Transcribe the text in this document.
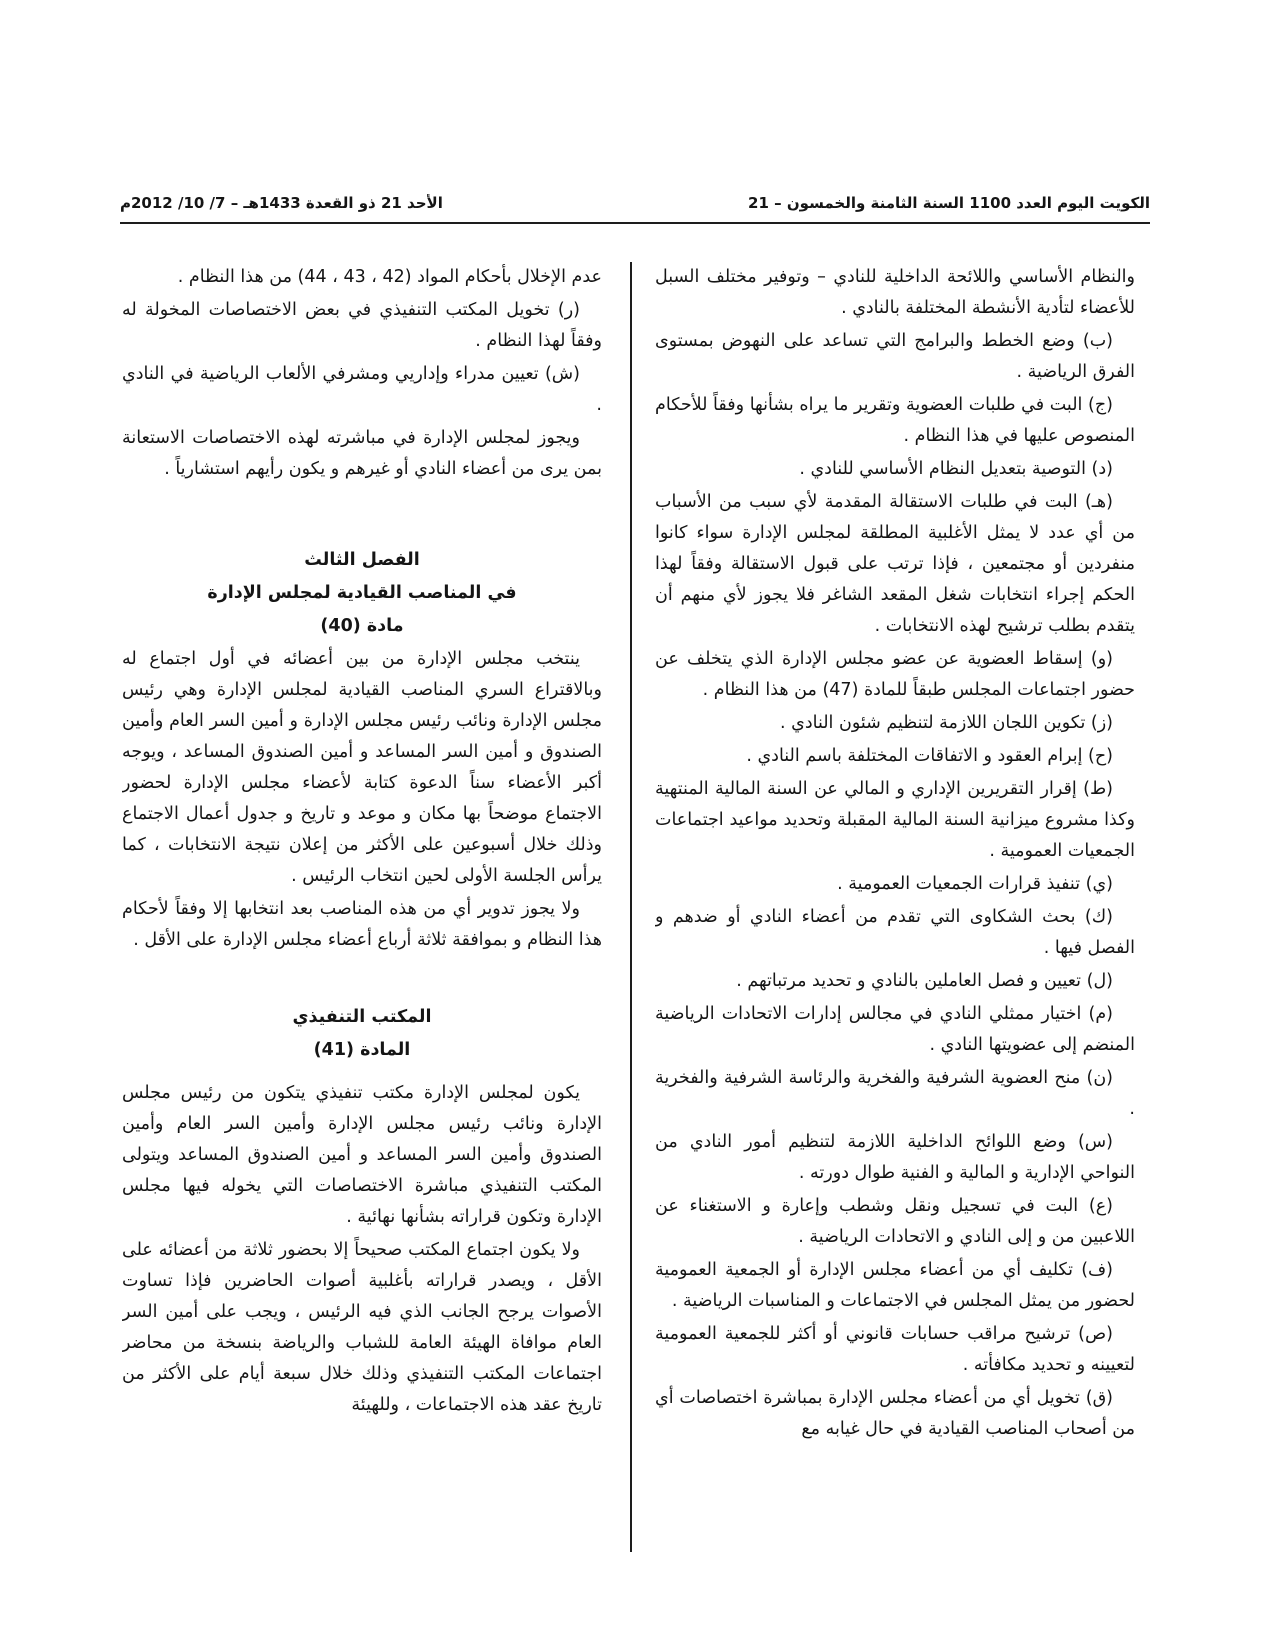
الكويت اليوم العدد 1100 السنة الثامنة والخمسون – 21
الأحد 21 ذو القعدة 1433هـ – 7/ 10/ 2012م

والنظام الأساسي واللائحة الداخلية للنادي – وتوفير مختلف السبل للأعضاء لتأدية الأنشطة المختلفة بالنادي .

(ب) وضع الخطط والبرامج التي تساعد على النهوض بمستوى الفرق الرياضية .

(ج) البت في طلبات العضوية وتقرير ما يراه بشأنها وفقاً للأحكام المنصوص عليها في هذا النظام .

(د) التوصية بتعديل النظام الأساسي للنادي .

(هـ) البت في طلبات الاستقالة المقدمة لأي سبب من الأسباب من أي عدد لا يمثل الأغلبية المطلقة لمجلس الإدارة سواء كانوا منفردين أو مجتمعين ، فإذا ترتب على قبول الاستقالة وفقاً لهذا الحكم إجراء انتخابات شغل المقعد الشاغر فلا يجوز لأي منهم أن يتقدم بطلب ترشيح لهذه الانتخابات .

(و) إسقاط العضوية عن عضو مجلس الإدارة الذي يتخلف عن حضور اجتماعات المجلس طبقاً للمادة (47) من هذا النظام .

(ز) تكوين اللجان اللازمة لتنظيم شئون النادي .

(ح) إبرام العقود و الاتفاقات المختلفة باسم النادي .

(ط) إقرار التقريرين الإداري و المالي عن السنة المالية المنتهية وكذا مشروع ميزانية السنة المالية المقبلة وتحديد مواعيد اجتماعات الجمعيات العمومية .

(ي) تنفيذ قرارات الجمعيات العمومية .

(ك) بحث الشكاوى التي تقدم من أعضاء النادي أو ضدهم و الفصل فيها .

(ل) تعيين و فصل العاملين بالنادي و تحديد مرتباتهم .

(م) اختيار ممثلي النادي في مجالس إدارات الاتحادات الرياضية المنضم إلى عضويتها النادي .

(ن) منح العضوية الشرفية والفخرية والرئاسة الشرفية والفخرية .

(س) وضع اللوائح الداخلية اللازمة لتنظيم أمور النادي من النواحي الإدارية و المالية و الفنية طوال دورته .

(ع) البت في تسجيل ونقل وشطب وإعارة و الاستغناء عن اللاعبين من و إلى النادي و الاتحادات الرياضية .

(ف) تكليف أي من أعضاء مجلس الإدارة أو الجمعية العمومية لحضور من يمثل المجلس في الاجتماعات و المناسبات الرياضية .

(ص) ترشيح مراقب حسابات قانوني أو أكثر للجمعية العمومية لتعيينه و تحديد مكافأته .

(ق) تخويل أي من أعضاء مجلس الإدارة بمباشرة اختصاصات أي من أصحاب المناصب القيادية في حال غيابه مع

عدم الإخلال بأحكام المواد (42 ، 43 ، 44) من هذا النظام .

(ر) تخويل المكتب التنفيذي في بعض الاختصاصات المخولة له وفقاً لهذا النظام .

(ش) تعيين مدراء وإداريي ومشرفي الألعاب الرياضية في النادي .

ويجوز لمجلس الإدارة في مباشرته لهذه الاختصاصات الاستعانة بمن يرى من أعضاء النادي أو غيرهم و يكون رأيهم استشارياً .

الفصل الثالث

في المناصب القيادية لمجلس الإدارة

مادة (40)

ينتخب مجلس الإدارة من بين أعضائه في أول اجتماع له وبالاقتراع السري المناصب القيادية لمجلس الإدارة وهي رئيس مجلس الإدارة ونائب رئيس مجلس الإدارة و أمين السر العام وأمين الصندوق و أمين السر المساعد و أمين الصندوق المساعد ، ويوجه أكبر الأعضاء سناً الدعوة كتابة لأعضاء مجلس الإدارة لحضور الاجتماع موضحاً بها مكان و موعد و تاريخ و جدول أعمال الاجتماع وذلك خلال أسبوعين على الأكثر من إعلان نتيجة الانتخابات ، كما يرأس الجلسة الأولى لحين انتخاب الرئيس .

ولا يجوز تدوير أي من هذه المناصب بعد انتخابها إلا وفقاً لأحكام هذا النظام و بموافقة ثلاثة أرباع أعضاء مجلس الإدارة على الأقل .

المكتب التنفيذي

المادة (41)

يكون لمجلس الإدارة مكتب تنفيذي يتكون من رئيس مجلس الإدارة ونائب رئيس مجلس الإدارة وأمين السر العام وأمين الصندوق وأمين السر المساعد و أمين الصندوق المساعد ويتولى المكتب التنفيذي مباشرة الاختصاصات التي يخوله فيها مجلس الإدارة وتكون قراراته بشأنها نهائية .

ولا يكون اجتماع المكتب صحيحاً إلا بحضور ثلاثة من أعضائه على الأقل ، ويصدر قراراته بأغلبية أصوات الحاضرين فإذا تساوت الأصوات يرجح الجانب الذي فيه الرئيس ، ويجب على أمين السر العام موافاة الهيئة العامة للشباب والرياضة بنسخة من محاضر اجتماعات المكتب التنفيذي وذلك خلال سبعة أيام على الأكثر من تاريخ عقد هذه الاجتماعات ، وللهيئة
